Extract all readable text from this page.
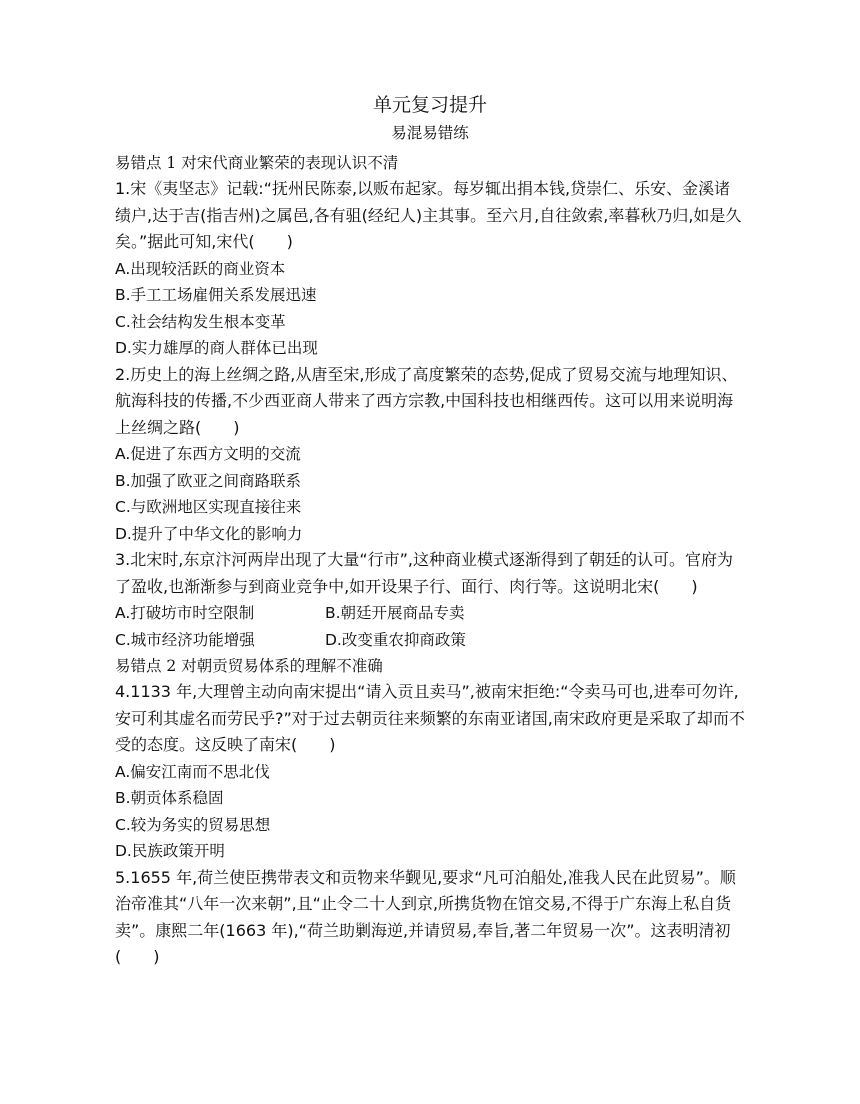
单元复习提升
易混易错练
易错点 1 对宋代商业繁荣的表现认识不清

1.宋《夷坚志》记载:“抚州民陈泰,以贩布起家。每岁辄出捐本钱,贷崇仁、乐安、金溪诸绩户,达于吉(指吉州)之属邑,各有驵(经纪人)主其事。至六月,自往敛索,率暮秋乃归,如是久矣。”据此可知,宋代(　　)

A.出现较活跃的商业资本
B.手工工场雇佣关系发展迅速
C.社会结构发生根本变革
D.实力雄厚的商人群体已出现

2.历史上的海上丝绸之路,从唐至宋,形成了高度繁荣的态势,促成了贸易交流与地理知识、航海科技的传播,不少西亚商人带来了西方宗教,中国科技也相继西传。这可以用来说明海上丝绸之路(　　)

A.促进了东西方文明的交流
B.加强了欧亚之间商路联系
C.与欧洲地区实现直接往来
D.提升了中华文化的影响力

3.北宋时,东京汴河两岸出现了大量“行市”,这种商业模式逐渐得到了朝廷的认可。官府为了盈收,也渐渐参与到商业竞争中,如开设果子行、面行、肉行等。这说明北宋(　　)

A.打破坊市时空限制	B.朝廷开展商品专卖
C.城市经济功能增强	D.改变重农抑商政策
易错点 2 对朝贡贸易体系的理解不准确

4.1133 年,大理曾主动向南宋提出“请入贡且卖马”,被南宋拒绝:“令卖马可也,进奉可勿许,安可利其虚名而劳民乎?”对于过去朝贡往来频繁的东南亚诸国,南宋政府更是采取了却而不受的态度。这反映了南宋(　　)

A.偏安江南而不思北伐
B.朝贡体系稳固
C.较为务实的贸易思想
D.民族政策开明

5.1655 年,荷兰使臣携带表文和贡物来华觐见,要求“凡可泊船处,准我人民在此贸易”。顺治帝准其“八年一次来朝”,且“止令二十人到京,所携货物在馆交易,不得于广东海上私自货卖”。康熙二年(1663 年),“荷兰助剿海逆,并请贸易,奉旨,著二年贸易一次”。这表明清初(　　)
